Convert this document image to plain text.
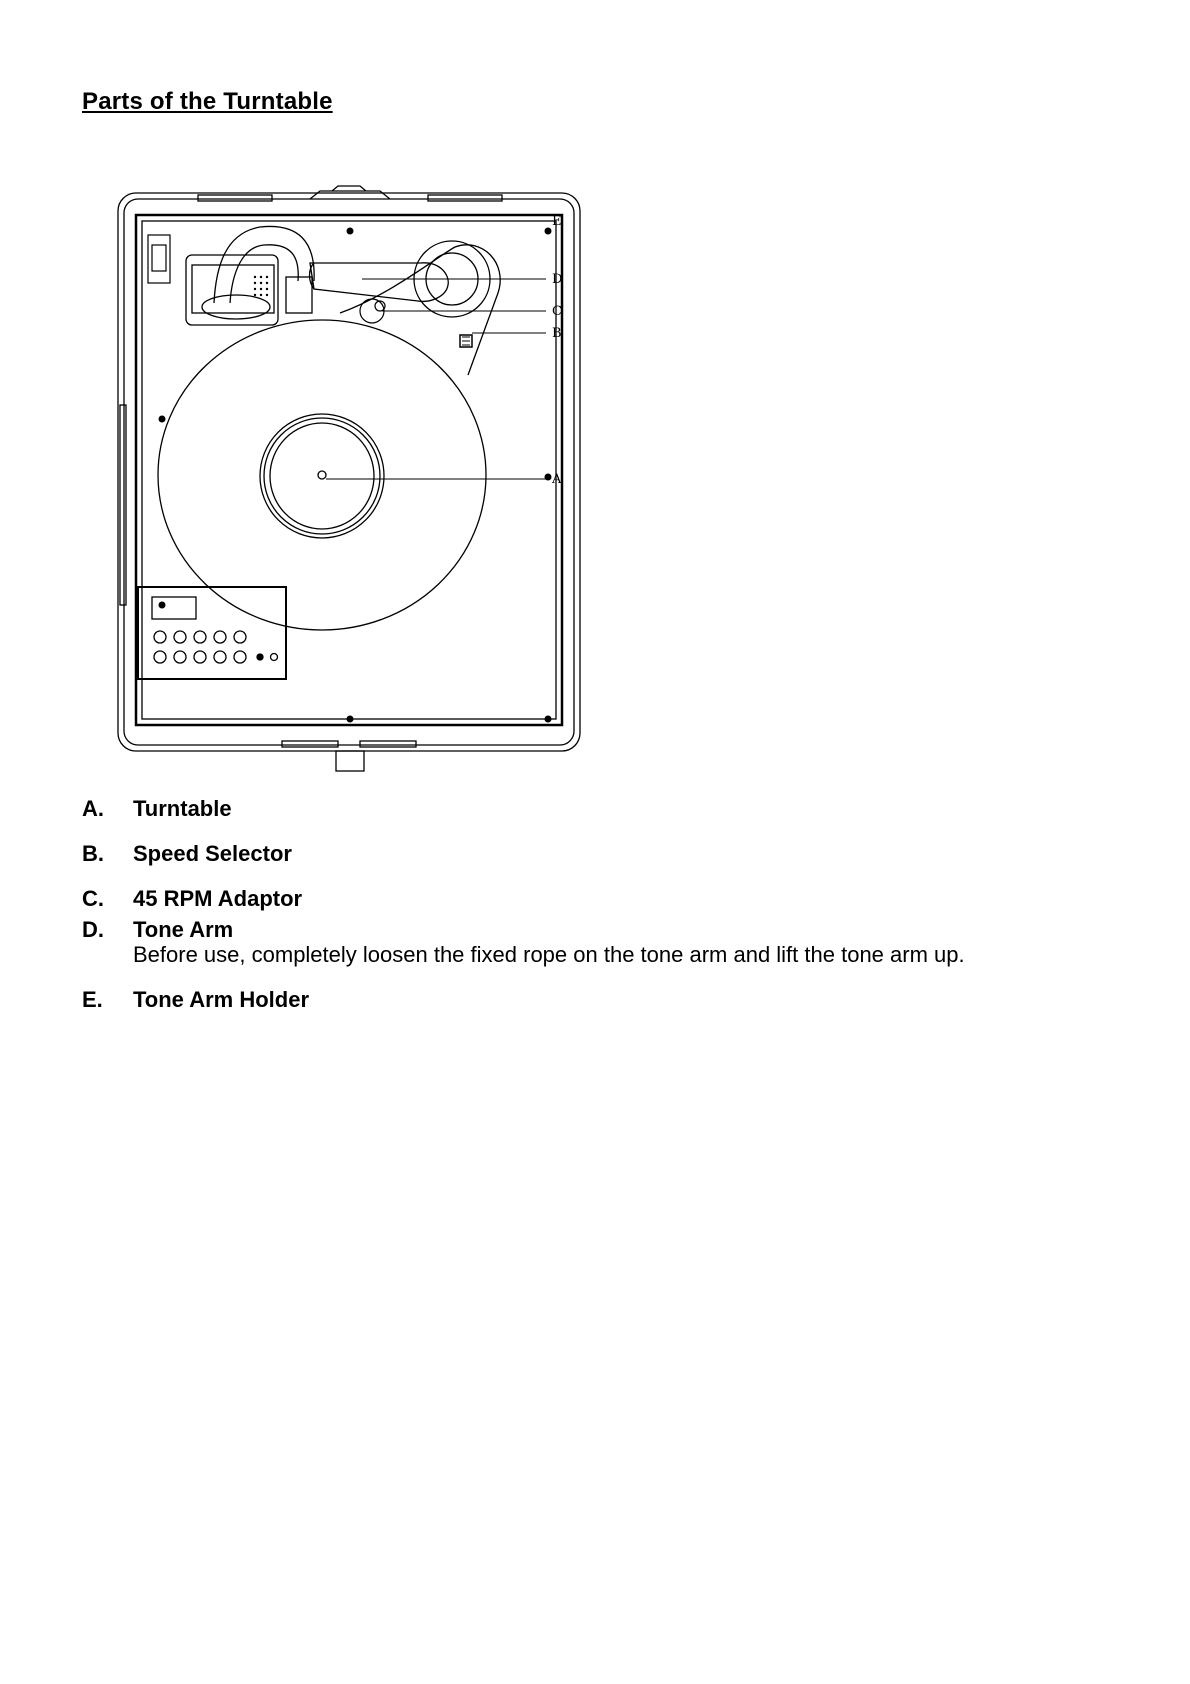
Parts of the Turntable
E
D
C
B
A
A. Turntable
B. Speed Selector
C. 45 RPM Adaptor
D. Tone Arm
Before use, completely loosen the fixed rope on the tone arm and lift the tone arm up.
E. Tone Arm Holder
